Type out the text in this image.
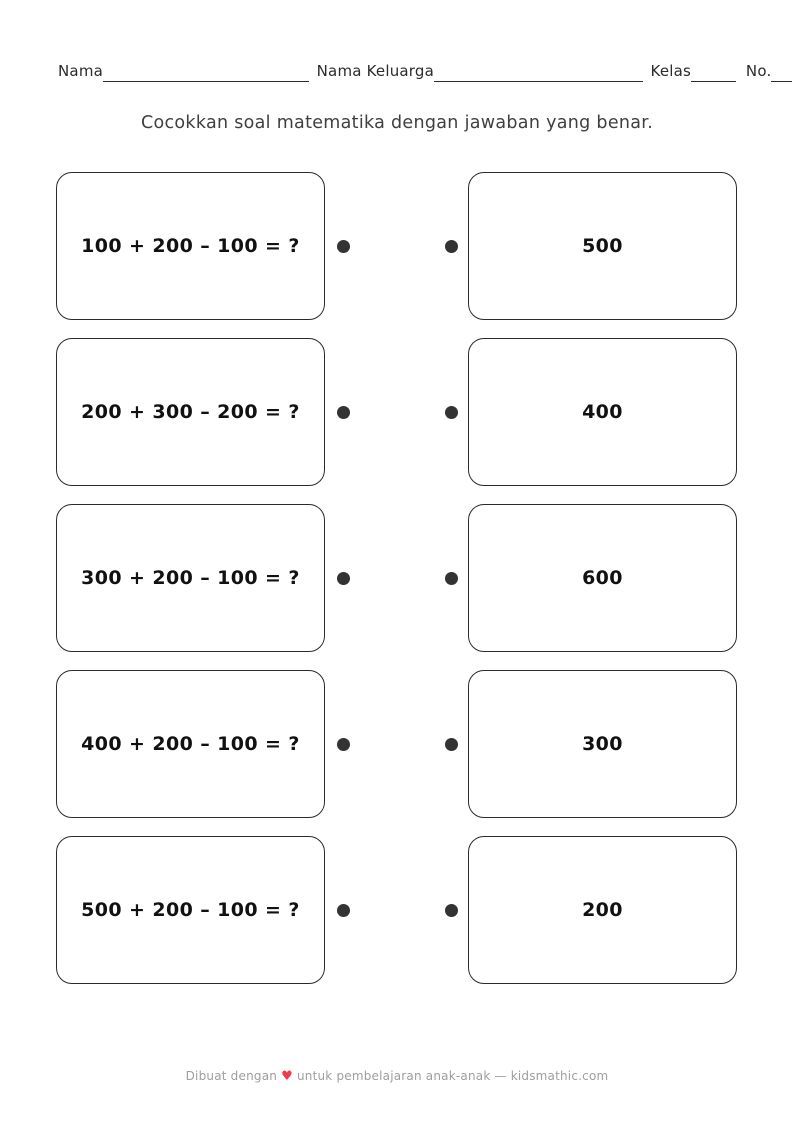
Nama	Nama Keluarga	Kelas	No.
Cocokkan soal matematika dengan jawaban yang benar.
100 + 200 – 100 = ?	500
200 + 300 – 200 = ?	400
300 + 200 – 100 = ?	600
400 + 200 – 100 = ?	300
500 + 200 – 100 = ?	200
Dibuat dengan ♥ untuk pembelajaran anak-anak — kidsmathic.com
